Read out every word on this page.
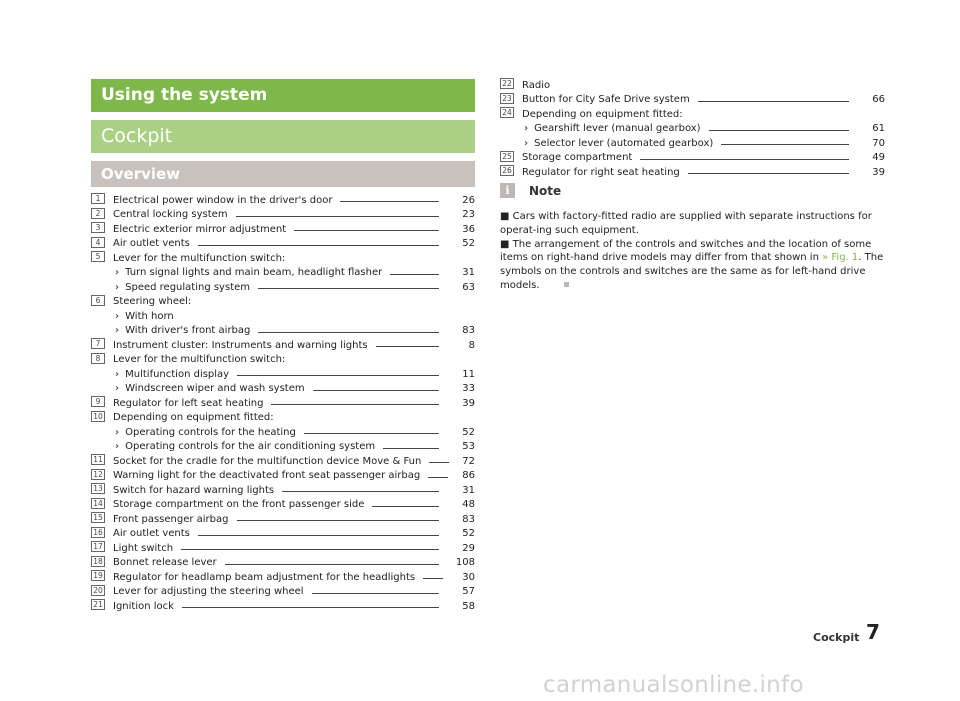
Using the system
Cockpit
Overview
1	Electrical power window in the driver's door	26
2	Central locking system	23
3	Electric exterior mirror adjustment	36
4	Air outlet vents	52
5	Lever for the multifunction switch:
› Turn signal lights and main beam, headlight flasher	31
› Speed regulating system	63
6	Steering wheel:
› With horn
› With driver's front airbag	83
7	Instrument cluster: Instruments and warning lights	8
8	Lever for the multifunction switch:
› Multifunction display	11
› Windscreen wiper and wash system	33
9	Regulator for left seat heating	39
10 Depending on equipment fitted:
› Operating controls for the heating	52
› Operating controls for the air conditioning system	53
11 Socket for the cradle for the multifunction device Move & Fun	72
12 Warning light for the deactivated front seat passenger airbag	86
13 Switch for hazard warning lights	31
14 Storage compartment on the front passenger side	48
15 Front passenger airbag	83
16 Air outlet vents	52
17 Light switch	29
18 Bonnet release lever	108
19 Regulator for headlamp beam adjustment for the headlights	30
20 Lever for adjusting the steering wheel	57
21 Ignition lock	58
22 Radio
23 Button for City Safe Drive system	66
24 Depending on equipment fitted:
› Gearshift lever (manual gearbox)	61
› Selector lever (automated gearbox)	70
25 Storage compartment	49
26 Regulator for right seat heating	39
i	Note

■ Cars with factory-fitted radio are supplied with separate instructions for operat-ing such equipment.

■ The arrangement of the controls and switches and the location of some items on right-hand drive models may differ from that shown in » Fig. 1. The symbols on the controls and switches are the same as for left-hand drive models.

Cockpit 7
carmanualsonline.info
